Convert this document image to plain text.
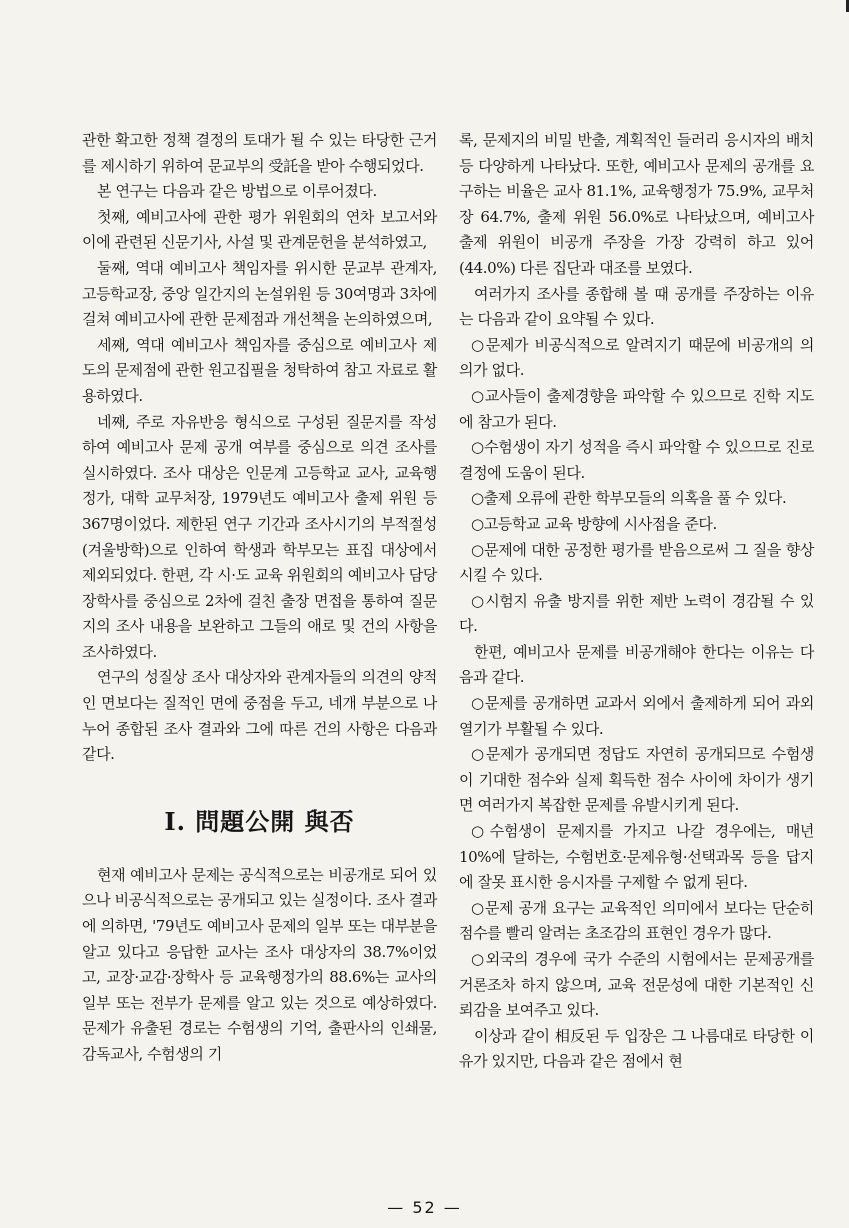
관한 확고한 정책 결정의 토대가 될 수 있는 타당한 근거를 제시하기 위하여 문교부의 受託을 받아 수행되었다.

본 연구는 다음과 같은 방법으로 이루어졌다.

첫째, 예비고사에 관한 평가 위원회의 연차 보고서와 이에 관련된 신문기사, 사설 및 관계문헌을 분석하였고,

둘째, 역대 예비고사 책임자를 위시한 문교부 관계자, 고등학교장, 중앙 일간지의 논설위원 등 30여명과 3차에 걸쳐 예비고사에 관한 문제점과 개선책을 논의하였으며,

세째, 역대 예비고사 책임자를 중심으로 예비고사 제도의 문제점에 관한 원고집필을 청탁하여 참고 자료로 활용하였다.

네째, 주로 자유반응 형식으로 구성된 질문지를 작성하여 예비고사 문제 공개 여부를 중심으로 의견 조사를 실시하였다. 조사 대상은 인문계 고등학교 교사, 교육행정가, 대학 교무처장, 1979년도 예비고사 출제 위원 등 367명이었다. 제한된 연구 기간과 조사시기의 부적절성(겨울방학)으로 인하여 학생과 학부모는 표집 대상에서 제외되었다. 한편, 각 시·도 교육 위원회의 예비고사 담당 장학사를 중심으로 2차에 걸친 출장 면접을 통하여 질문지의 조사 내용을 보완하고 그들의 애로 및 건의 사항을 조사하였다.

연구의 성질상 조사 대상자와 관계자들의 의견의 양적인 면보다는 질적인 면에 중점을 두고, 네개 부분으로 나누어 종합된 조사 결과와 그에 따른 건의 사항은 다음과 같다.

I. 問題公開 與否

현재 예비고사 문제는 공식적으로는 비공개로 되어 있으나 비공식적으로는 공개되고 있는 실정이다. 조사 결과에 의하면, '79년도 예비고사 문제의 일부 또는 대부분을 알고 있다고 응답한 교사는 조사 대상자의 38.7%이었고, 교장·교감·장학사 등 교육행정가의 88.6%는 교사의 일부 또는 전부가 문제를 알고 있는 것으로 예상하였다. 문제가 유출된 경로는 수험생의 기억, 출판사의 인쇄물, 감독교사, 수험생의 기

록, 문제지의 비밀 반출, 계획적인 들러리 응시자의 배치 등 다양하게 나타났다. 또한, 예비고사 문제의 공개를 요구하는 비율은 교사 81.1%, 교육행정가 75.9%, 교무처장 64.7%, 출제 위원 56.0%로 나타났으며, 예비고사 출제 위원이 비공개 주장을 가장 강력히 하고 있어(44.0%) 다른 집단과 대조를 보였다.

여러가지 조사를 종합해 볼 때 공개를 주장하는 이유는 다음과 같이 요약될 수 있다.

○문제가 비공식적으로 알려지기 때문에 비공개의 의의가 없다.

○교사들이 출제경향을 파악할 수 있으므로 진학 지도에 참고가 된다.

○수험생이 자기 성적을 즉시 파악할 수 있으므로 진로 결정에 도움이 된다.

○출제 오류에 관한 학부모들의 의혹을 풀 수 있다.

○고등학교 교육 방향에 시사점을 준다.

○문제에 대한 공정한 평가를 받음으로써 그 질을 향상시킬 수 있다.

○시험지 유출 방지를 위한 제반 노력이 경감될 수 있다.

한편, 예비고사 문제를 비공개해야 한다는 이유는 다음과 같다.

○문제를 공개하면 교과서 외에서 출제하게 되어 과외 열기가 부활될 수 있다.

○문제가 공개되면 정답도 자연히 공개되므로 수험생이 기대한 점수와 실제 획득한 점수 사이에 차이가 생기면 여러가지 복잡한 문제를 유발시키게 된다.

○수험생이 문제지를 가지고 나갈 경우에는, 매년 10%에 달하는, 수험번호·문제유형·선택과목 등을 답지에 잘못 표시한 응시자를 구제할 수 없게 된다.

○문제 공개 요구는 교육적인 의미에서 보다는 단순히 점수를 빨리 알려는 초조감의 표현인 경우가 많다.

○외국의 경우에 국가 수준의 시험에서는 문제공개를 거론조차 하지 않으며, 교육 전문성에 대한 기본적인 신뢰감을 보여주고 있다.

이상과 같이 相反된 두 입장은 그 나름대로 타당한 이유가 있지만, 다음과 같은 점에서 현

— 52 —
